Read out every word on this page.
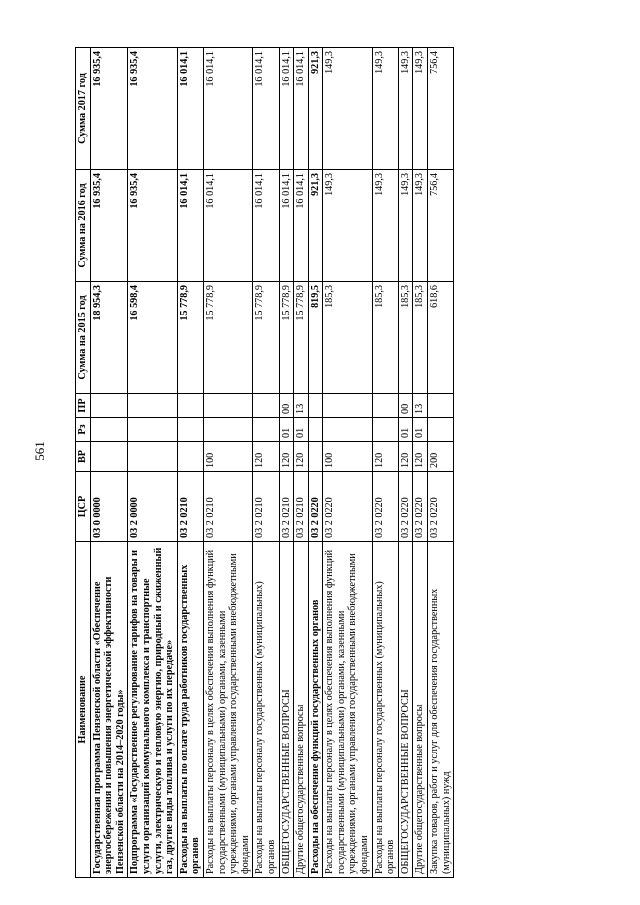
561
Наименование	ЦСР	ВР	Рз	ПР	Сумма на 2015 год	Сумма на 2016 год	Сумма 2017 год
Государственная программа Пензенской области «Обеспечение энергосбережения и повышения энергетической эффективности Пензенской области на 2014–2020 годы»	03 0 0000				18 954,3	16 935,4	16 935,4
Подпрограмма «Государственное регулирование тарифов на товары и услуги организаций коммунального комплекса и транспортные услуги, электрическую и тепловую энергию, природный и сжиженный газ, другие виды топлива и услуги по их передаче»	03 2 0000				16 598,4	16 935,4	16 935,4
Расходы на выплаты по оплате труда работников государственных органов	03 2 0210				15 778,9	16 014,1	16 014,1
Расходы на выплаты персоналу в целях обеспечения выполнения функций государственными (муниципальными) органами, казенными учреждениями, органами управления государственными внебюджетными фондами	03 2 0210	100			15 778,9	16 014,1	16 014,1
Расходы на выплаты персоналу государственных (муниципальных) органов	03 2 0210	120			15 778,9	16 014,1	16 014,1
ОБЩЕГОСУДАРСТВЕННЫЕ ВОПРОСЫ	03 2 0210	120	01	00	15 778,9	16 014,1	16 014,1
Другие общегосударственные вопросы	03 2 0210	120	01	13	15 778,9	16 014,1	16 014,1
Расходы на обеспечение функций государственных органов	03 2 0220				819,5	921,3	921,3
Расходы на выплаты персоналу в целях обеспечения выполнения функций государственными (муниципальными) органами, казенными учреждениями, органами управления государственными внебюджетными фондами	03 2 0220	100			185,3	149,3	149,3
Расходы на выплаты персоналу государственных (муниципальных) органов	03 2 0220	120			185,3	149,3	149,3
ОБЩЕГОСУДАРСТВЕННЫЕ ВОПРОСЫ	03 2 0220	120	01	00	185,3	149,3	149,3
Другие общегосударственные вопросы	03 2 0220	120	01	13	185,3	149,3	149,3
Закупка товаров, работ и услуг для обеспечения государственных (муниципальных) нужд	03 2 0220	200			618,6	756,4	756,4
